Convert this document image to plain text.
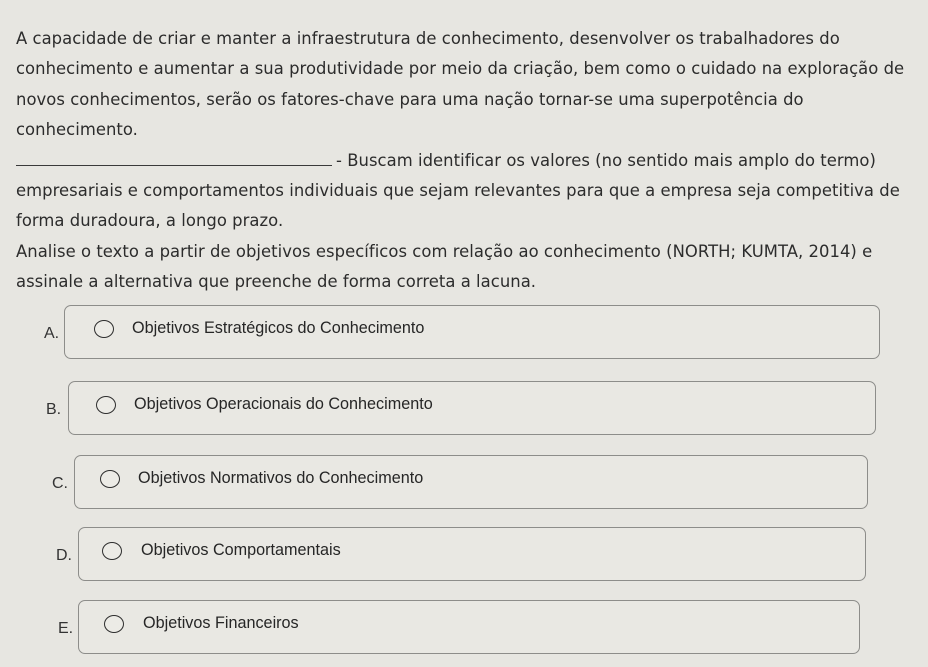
A capacidade de criar e manter a infraestrutura de conhecimento, desenvolver os trabalhadores do conhecimento e aumentar a sua produtividade por meio da criação, bem como o cuidado na exploração de novos conhecimentos, serão os fatores-chave para uma nação tornar-se uma superpotência do conhecimento.

- Buscam identificar os valores (no sentido mais amplo do termo) empresariais e comportamentos individuais que sejam relevantes para que a empresa seja competitiva de forma duradoura, a longo prazo.

Analise o texto a partir de objetivos específicos com relação ao conhecimento (NORTH; KUMTA, 2014) e assinale a alternativa que preenche de forma correta a lacuna.

A.	Objetivos Estratégicos do Conhecimento
B.	Objetivos Operacionais do Conhecimento
C.	Objetivos Normativos do Conhecimento
D.	Objetivos Comportamentais
E.	Objetivos Financeiros
